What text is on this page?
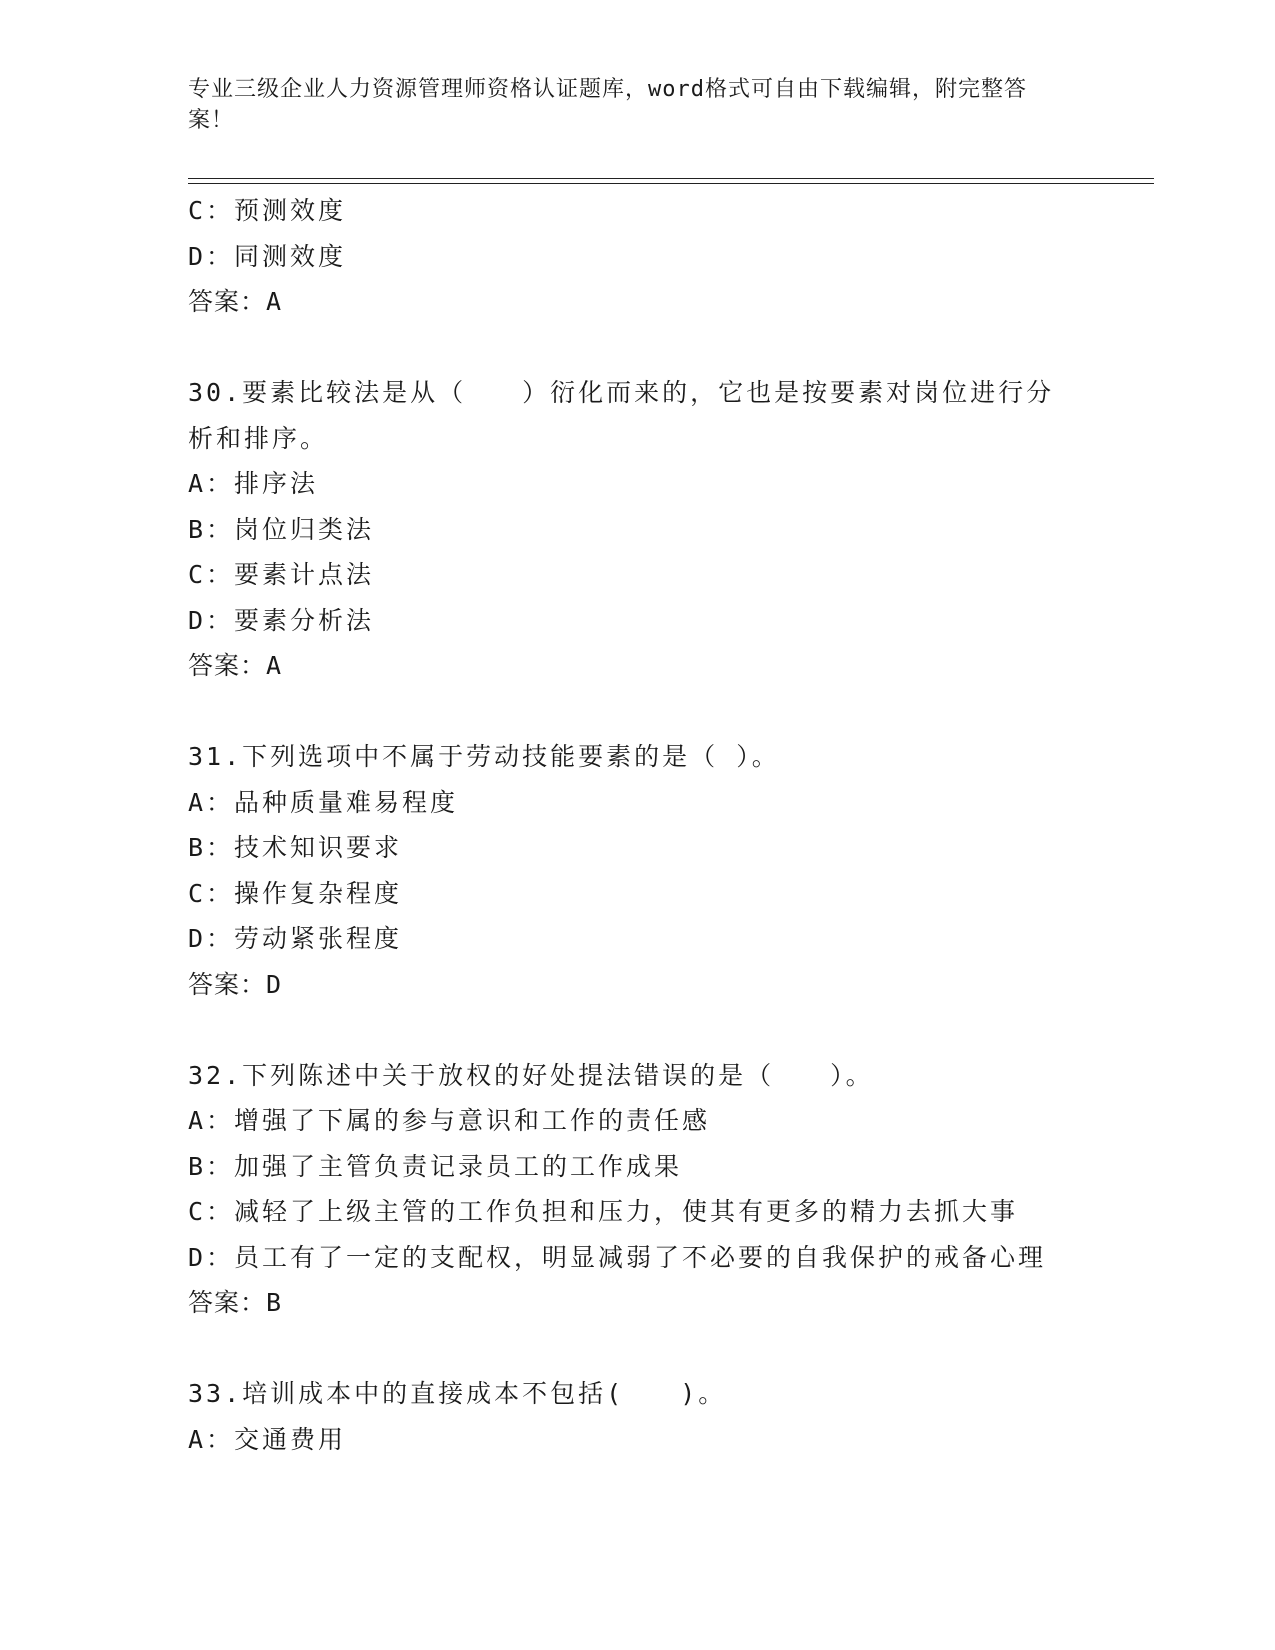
专业三级企业人力资源管理师资格认证题库，word格式可自由下载编辑，附完整答案！
C：预测效度
D：同测效度
答案：A
30.要素比较法是从（　　）衍化而来的，它也是按要素对岗位进行分
析和排序。
A：排序法
B：岗位归类法
C：要素计点法
D：要素分析法
答案：A
31.下列选项中不属于劳动技能要素的是（ ）。
A：品种质量难易程度
B：技术知识要求
C：操作复杂程度
D：劳动紧张程度
答案：D
32.下列陈述中关于放权的好处提法错误的是（　　）。
A：增强了下属的参与意识和工作的责任感
B：加强了主管负责记录员工的工作成果
C：减轻了上级主管的工作负担和压力，使其有更多的精力去抓大事
D：员工有了一定的支配权，明显减弱了不必要的自我保护的戒备心理
答案：B
33.培训成本中的直接成本不包括(　　)。
A：交通费用
